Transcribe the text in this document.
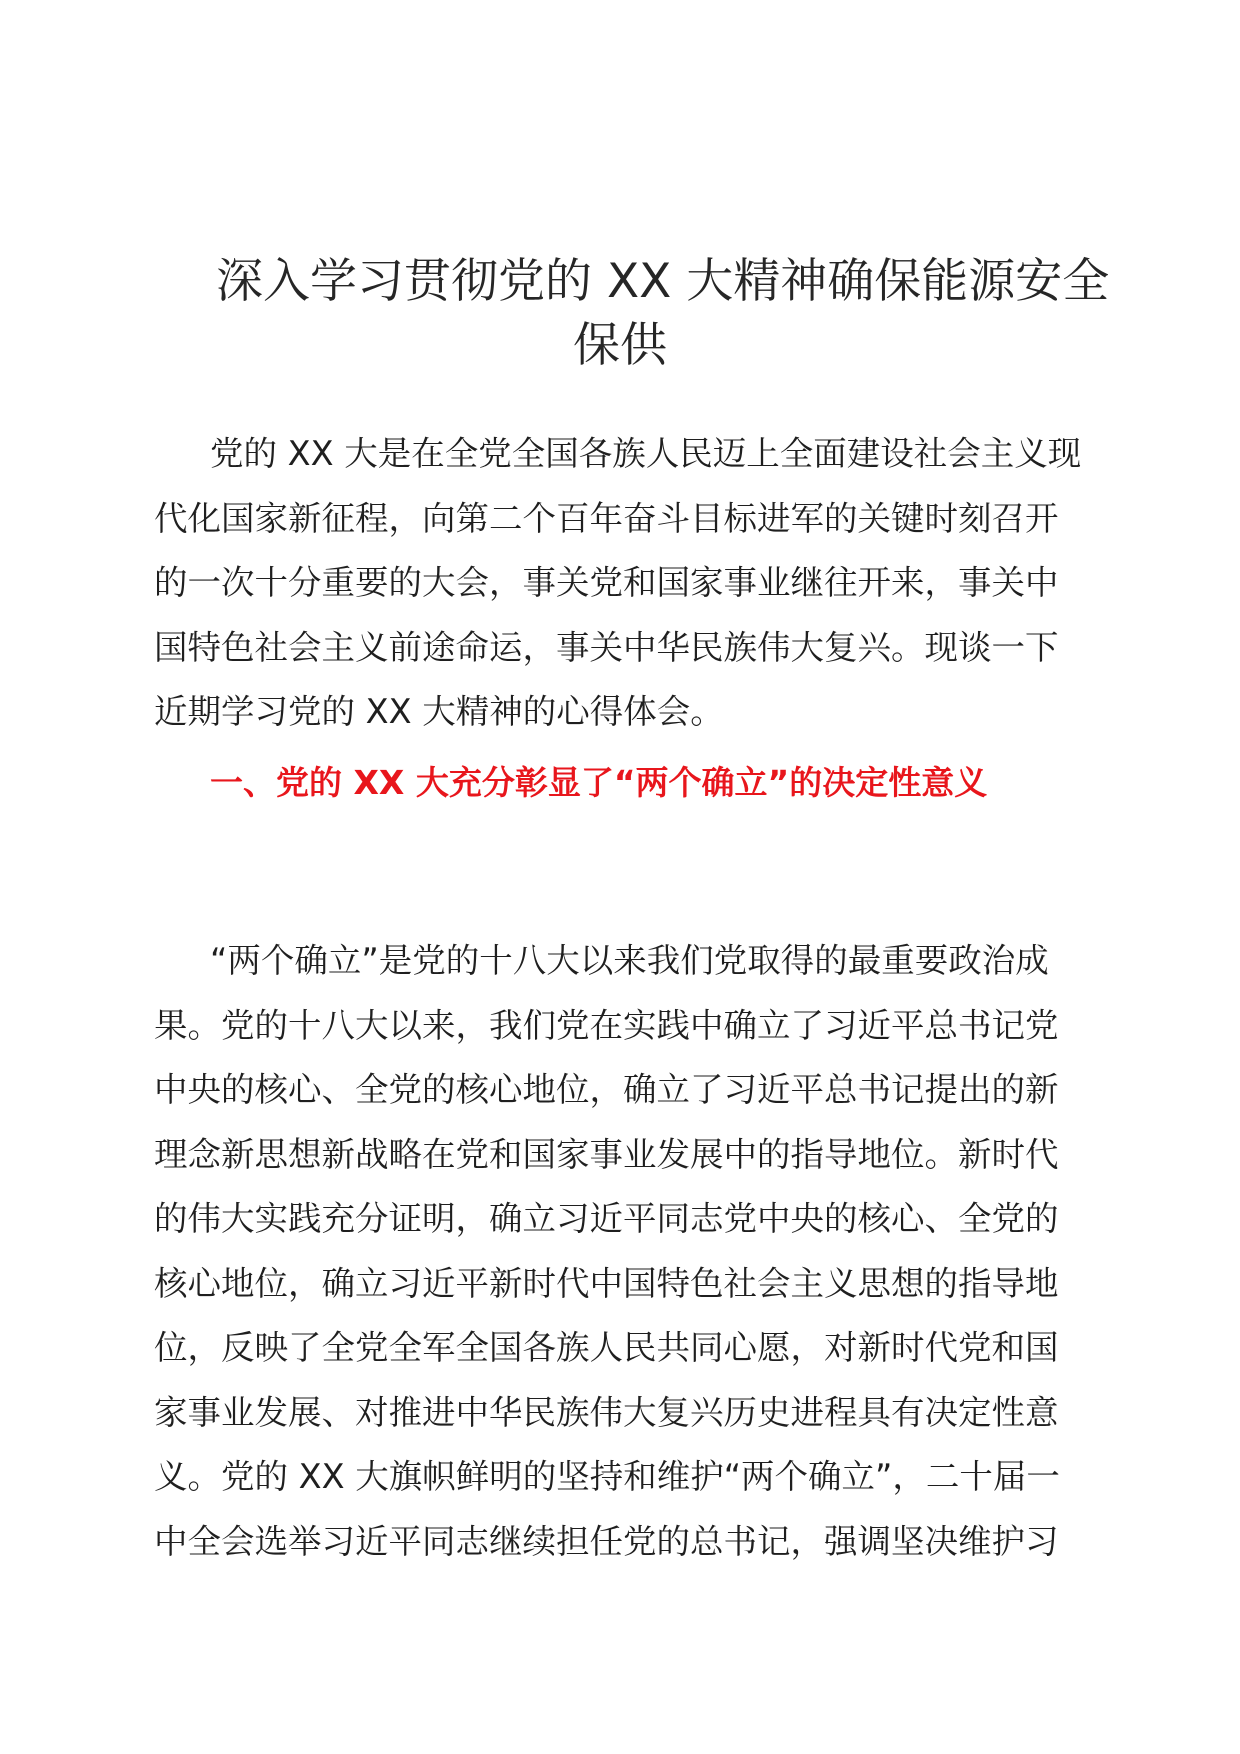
深入学习贯彻党的 XX 大精神确保能源安全
保供

党的 XX 大是在全党全国各族人民迈上全面建设社会主义现
代化国家新征程，向第二个百年奋斗目标进军的关键时刻召开
的一次十分重要的大会，事关党和国家事业继往开来，事关中
国特色社会主义前途命运，事关中华民族伟大复兴。现谈一下
近期学习党的 XX 大精神的心得体会。

一、党的 XX 大充分彰显了“两个确立”的决定性意义

“两个确立”是党的十八大以来我们党取得的最重要政治成
果。党的十八大以来，我们党在实践中确立了习近平总书记党
中央的核心、全党的核心地位，确立了习近平总书记提出的新
理念新思想新战略在党和国家事业发展中的指导地位。新时代
的伟大实践充分证明，确立习近平同志党中央的核心、全党的
核心地位，确立习近平新时代中国特色社会主义思想的指导地
位，反映了全党全军全国各族人民共同心愿，对新时代党和国
家事业发展、对推进中华民族伟大复兴历史进程具有决定性意
义。党的 XX 大旗帜鲜明的坚持和维护“两个确立”，二十届一
中全会选举习近平同志继续担任党的总书记，强调坚决维护习
